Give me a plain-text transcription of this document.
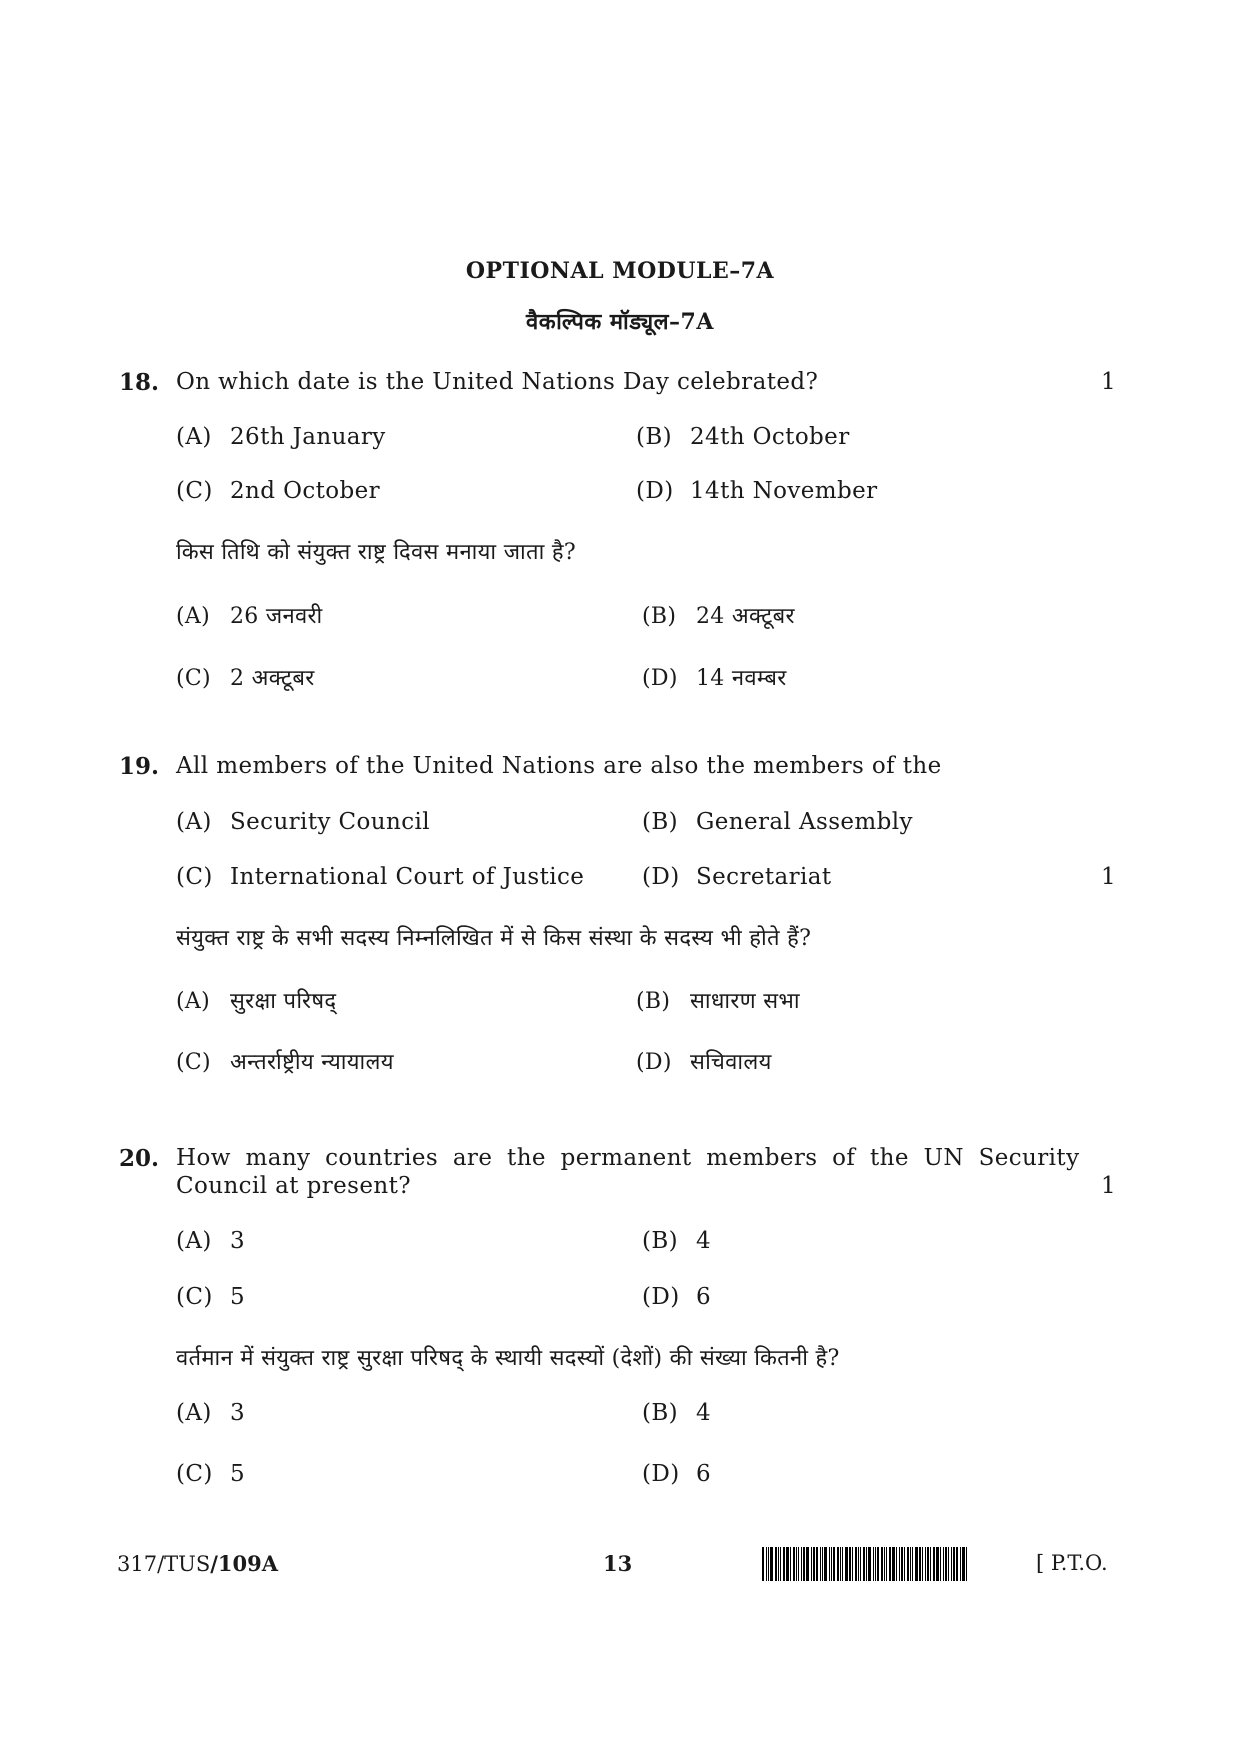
OPTIONAL MODULE–7A
वैकल्पिक मॉड्यूल–7A
18. On which date is the United Nations Day celebrated?	1
(A) 26th January	(B) 24th October
(C) 2nd October	(D) 14th November
किस तिथि को संयुक्त राष्ट्र दिवस मनाया जाता है?
(A) 26 जनवरी	(B) 24 अक्टूबर
(C) 2 अक्टूबर	(D) 14 नवम्बर
19. All members of the United Nations are also the members of the
(A) Security Council	(B) General Assembly
(C) International Court of Justice	(D) Secretariat	1
संयुक्त राष्ट्र के सभी सदस्य निम्नलिखित में से किस संस्था के सदस्य भी होते हैं?
(A) सुरक्षा परिषद्	(B) साधारण सभा
(C) अन्तर्राष्ट्रीय न्यायालय	(D) सचिवालय
20. How many countries are the permanent members of the UN Security
Council at present?	1
(A) 3	(B) 4
(C) 5	(D) 6
वर्तमान में संयुक्त राष्ट्र सुरक्षा परिषद् के स्थायी सदस्यों (देशों) की संख्या कितनी है?
(A) 3	(B) 4
(C) 5	(D) 6
317/TUS/109A	13	[ P.T.O.
